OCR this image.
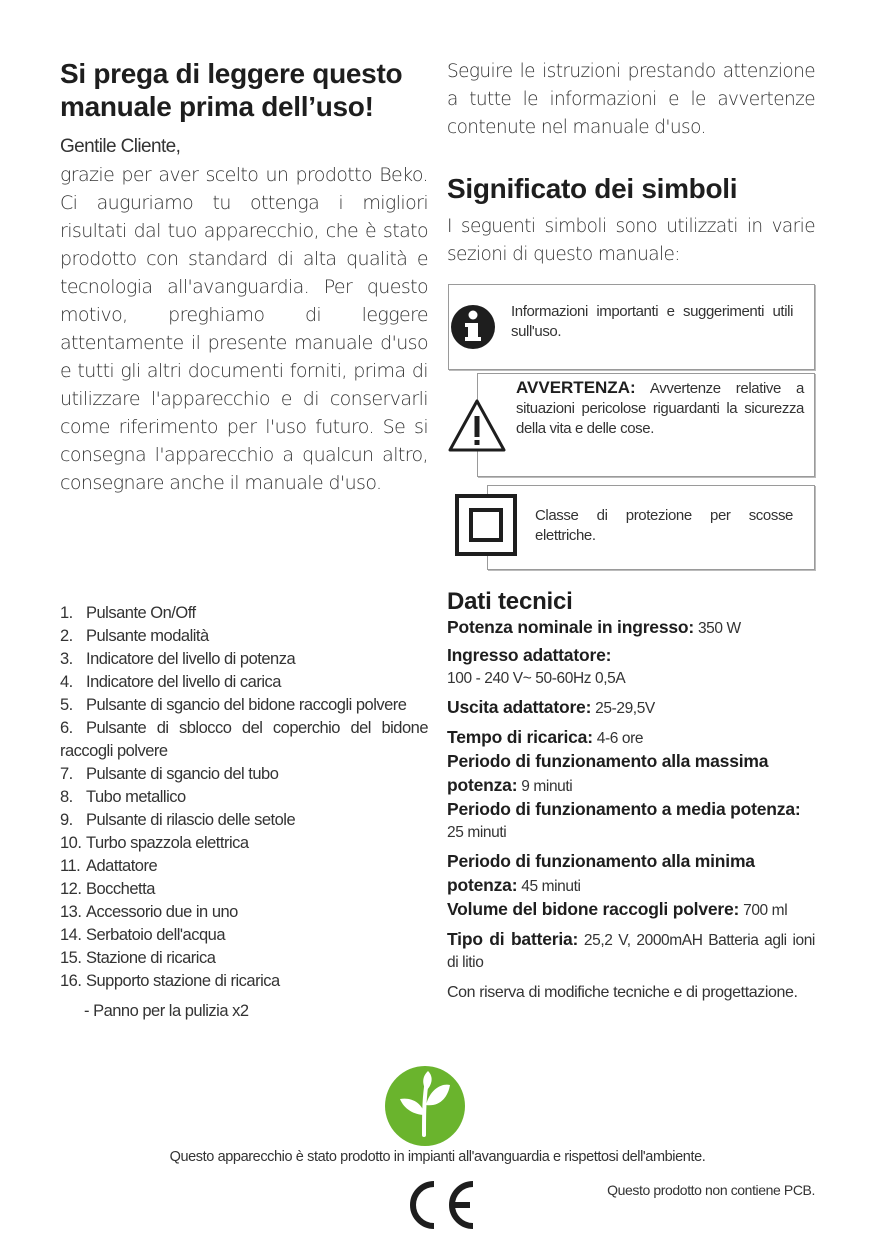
Si prega di leggere questo manuale prima dell’uso!
Gentile Cliente,

grazie per aver scelto un prodotto Beko. Ci auguriamo tu ottenga i migliori risultati dal tuo apparecchio, che è stato prodotto con standard di alta qualità e tecnologia all'avanguardia. Per questo motivo, preghiamo di leggere attentamente il presente manuale d'uso e tutti gli altri documenti forniti, prima di utilizzare l'apparecchio e di conservarli come riferimento per l'uso futuro. Se si consegna l'apparecchio a qualcun altro, consegnare anche il manuale d'uso.

Seguire le istruzioni prestando attenzione a tutte le informazioni e le avvertenze contenute nel manuale d'uso.

Significato dei simboli

I seguenti simboli sono utilizzati in varie sezioni di questo manuale:

Informazioni importanti e suggerimenti utili sull'uso.
AVVERTENZA: Avvertenze relative a situazioni pericolose riguardanti la sicurezza della vita e delle cose.
Classe di protezione per scosse elettriche.
1. Pulsante On/Off
2. Pulsante modalità
3. Indicatore del livello di potenza
4. Indicatore del livello di carica
5. Pulsante di sgancio del bidone raccogli polvere
6. Pulsante di sblocco del coperchio del bidone raccogli polvere
7. Pulsante di sgancio del tubo
8. Tubo metallico
9. Pulsante di rilascio delle setole
10. Turbo spazzola elettrica
11. Adattatore
12. Bocchetta
13. Accessorio due in uno
14. Serbatoio dell'acqua
15. Stazione di ricarica
16. Supporto stazione di ricarica
- Panno per la pulizia x2
Dati tecnici

Potenza nominale in ingresso: 350 W

Ingresso adattatore:
100 - 240 V~ 50-60Hz 0,5A

Uscita adattatore: 25-29,5V

Tempo di ricarica: 4-6 ore

Periodo di funzionamento alla massima potenza: 9 minuti

Periodo di funzionamento a media potenza: 25 minuti

Periodo di funzionamento alla minima potenza: 45 minuti

Volume del bidone raccogli polvere: 700 ml

Tipo di batteria: 25,2 V, 2000mAH Batteria agli ioni di litio

Con riserva di modifiche tecniche e di progettazione.

Questo apparecchio è stato prodotto in impianti all'avanguardia e rispettosi dell'ambiente.
Questo prodotto non contiene PCB.
